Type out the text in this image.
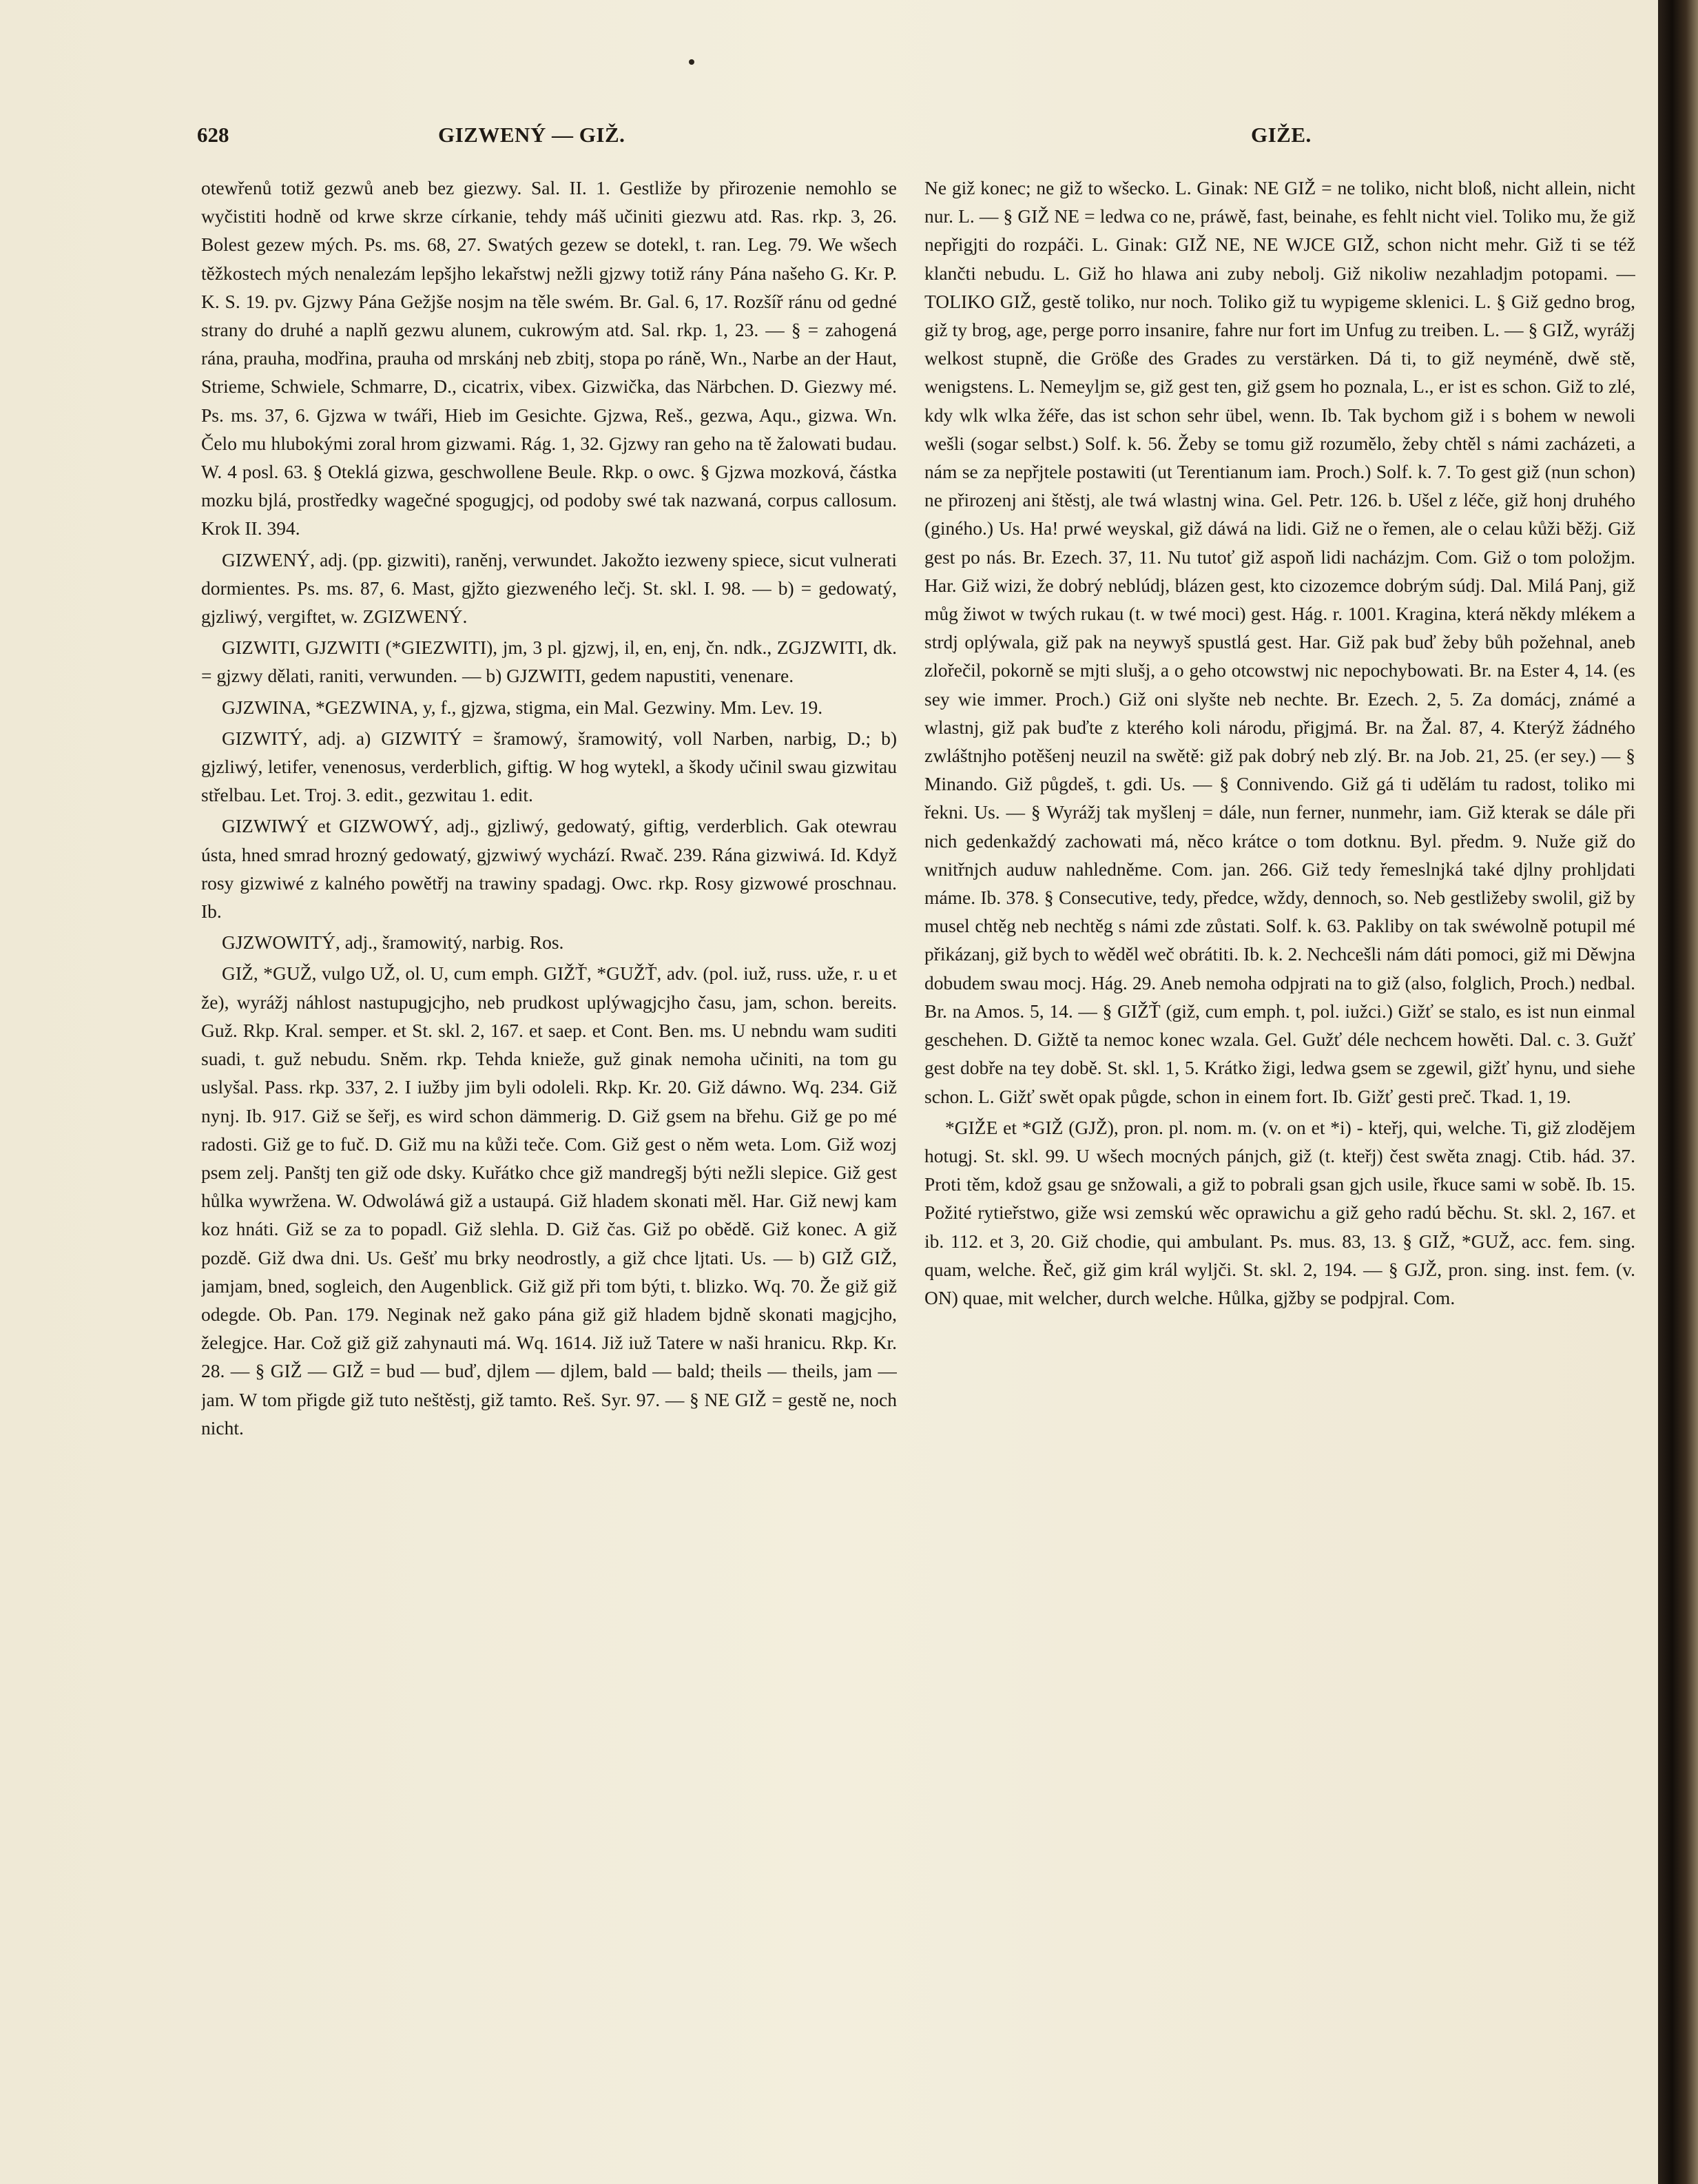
628	GIZWENÝ — GIŽ.	GIŽE.

otewřenů totiž gezwů aneb bez giezwy. Sal. II. 1. Gestliže by přirozenie nemohlo se wyčistiti hodně od krwe skrze církanie, tehdy máš učiniti giezwu atd. Ras. rkp. 3, 26. Bolest gezew mých. Ps. ms. 68, 27. Swatých gezew se dotekl, t. ran. Leg. 79. We wšech těžkostech mých nenalezám lepšjho lekařstwj nežli gjzwy totiž rány Pána našeho G. Kr. P. K. S. 19. pv. Gjzwy Pána Gežjše nosjm na těle swém. Br. Gal. 6, 17. Rozšíř ránu od gedné strany do druhé a naplň gezwu alunem, cukrowým atd. Sal. rkp. 1, 23. — § = zahogená rána, prauha, modřina, prauha od mrskánj neb zbitj, stopa po ráně, Wn., Narbe an der Haut, Strieme, Schwiele, Schmarre, D., cicatrix, vibex. Gizwička, das Närbchen. D. Giezwy mé. Ps. ms. 37, 6. Gjzwa w twáři, Hieb im Gesichte. Gjzwa, Reš., gezwa, Aqu., gizwa. Wn. Čelo mu hlubokými zoral hrom gizwami. Rág. 1, 32. Gjzwy ran geho na tě žalowati budau. W. 4 posl. 63. § Oteklá gizwa, geschwollene Beule. Rkp. o owc. § Gjzwa mozková, částka mozku bjlá, prostředky wagečné spogugjcj, od podoby swé tak nazwaná, corpus callosum. Krok II. 394.

GIZWENÝ, adj. (pp. gizwiti), raněnj, verwundet. Jakožto iezweny spiece, sicut vulnerati dormientes. Ps. ms. 87, 6. Mast, gjžto giezweného lečj. St. skl. I. 98. — b) = gedowatý, gjzliwý, vergiftet, w. ZGIZWENÝ.

GIZWITI, GJZWITI (*GIEZWITI), jm, 3 pl. gjzwj, il, en, enj, čn. ndk., ZGJZWITI, dk. = gjzwy dělati, raniti, verwunden. — b) GJZWITI, gedem napustiti, venenare.

GJZWINA, *GEZWINA, y, f., gjzwa, stigma, ein Mal. Gezwiny. Mm. Lev. 19.

GIZWITÝ, adj. a) GIZWITÝ = šramowý, šramowitý, voll Narben, narbig, D.; b) gjzliwý, letifer, venenosus, verderblich, giftig. W hog wytekl, a škody učinil swau gizwitau střelbau. Let. Troj. 3. edit., gezwitau 1. edit.

GIZWIWÝ et GIZWOWÝ, adj., gjzliwý, gedowatý, giftig, verderblich. Gak otewrau ústa, hned smrad hrozný gedowatý, gjzwiwý wychází. Rwač. 239. Rána gizwiwá. Id. Když rosy gizwiwé z kalného powětřj na trawiny spadagj. Owc. rkp. Rosy gizwowé proschnau. Ib.

GJZWOWITÝ, adj., šramowitý, narbig. Ros.

GIŽ, *GUŽ, vulgo UŽ, ol. U, cum emph. GIŽŤ, *GUŽŤ, adv. (pol. iuž, russ. uže, r. u et že), wyrážj náhlost nastupugjcjho, neb prudkost uplýwagjcjho času, jam, schon. bereits. Guž. Rkp. Kral. semper. et St. skl. 2, 167. et saep. et Cont. Ben. ms. U nebndu wam suditi suadi, t. guž nebudu. Sněm. rkp. Tehda knieže, guž ginak nemoha učiniti, na tom gu uslyšal. Pass. rkp. 337, 2. I iužby jim byli odoleli. Rkp. Kr. 20. Giž dáwno. Wq. 234. Giž nynj. Ib. 917. Giž se šeřj, es wird schon dämmerig. D. Giž gsem na břehu. Giž ge po mé radosti. Giž ge to fuč. D. Giž mu na kůži teče. Com. Giž gest o něm weta. Lom. Giž wozj psem zelj. Panštj ten giž ode dsky. Kuřátko chce giž mandregšj býti nežli slepice. Giž gest hůlka wywržena. W. Odwoláwá giž a ustaupá. Giž hladem skonati měl. Har. Giž newj kam koz hnáti. Giž se za to popadl. Giž slehla. D. Giž čas. Giž po obědě. Giž konec. A giž pozdě. Giž dwa dni. Us. Gešť mu brky neodrostly, a giž chce ljtati. Us. — b) GIŽ GIŽ, jamjam, bned, sogleich, den Augenblick. Giž giž při tom býti, t. blizko. Wq. 70. Že giž giž odegde. Ob. Pan. 179. Neginak než gako pána giž giž hladem bjdně skonati magjcjho, želegjce. Har. Což giž giž zahynauti má. Wq. 1614. Již iuž Tatere w naši hranicu. Rkp. Kr. 28. — § GIŽ — GIŽ = bud — buď, djlem — djlem, bald — bald; theils — theils, jam — jam. W tom přigde giž tuto neštěstj, giž tamto. Reš. Syr. 97. — § NE GIŽ = gestě ne, noch nicht.

Ne giž konec; ne giž to wšecko. L. Ginak: NE GIŽ = ne toliko, nicht bloß, nicht allein, nicht nur. L. — § GIŽ NE = ledwa co ne, práwě, fast, beinahe, es fehlt nicht viel. Toliko mu, že giž nepřigjti do rozpáči. L. Ginak: GIŽ NE, NE WJCE GIŽ, schon nicht mehr. Giž ti se též klančti nebudu. L. Giž ho hlawa ani zuby nebolj. Giž nikoliw nezahladjm potopami. — TOLIKO GIŽ, gestě toliko, nur noch. Toliko giž tu wypigeme sklenici. L. § Giž gedno brog, giž ty brog, age, perge porro insanire, fahre nur fort im Unfug zu treiben. L. — § GIŽ, wyrážj welkost stupně, die Größe des Grades zu verstärken. Dá ti, to giž neyméně, dwě stě, wenigstens. L. Nemeyljm se, giž gest ten, giž gsem ho poznala, L., er ist es schon. Giž to zlé, kdy wlk wlka žéře, das ist schon sehr übel, wenn. Ib. Tak bychom giž i s bohem w newoli wešli (sogar selbst.) Solf. k. 56. Žeby se tomu giž rozumělo, žeby chtěl s námi zacházeti, a nám se za nepřjtele postawiti (ut Terentianum iam. Proch.) Solf. k. 7. To gest giž (nun schon) ne přirozenj ani štěstj, ale twá wlastnj wina. Gel. Petr. 126. b. Ušel z léče, giž honj druhého (giného.) Us. Ha! prwé weyskal, giž dáwá na lidi. Giž ne o řemen, ale o celau kůži běžj. Giž gest po nás. Br. Ezech. 37, 11. Nu tutoť giž aspoň lidi nacházjm. Com. Giž o tom položjm. Har. Giž wizi, že dobrý neblúdj, blázen gest, kto cizozemce dobrým súdj. Dal. Milá Panj, giž můg žiwot w twých rukau (t. w twé moci) gest. Hág. r. 1001. Kragina, která někdy mlékem a strdj oplýwala, giž pak na neywyš spustlá gest. Har. Giž pak buď žeby bůh požehnal, aneb zlořečil, pokorně se mjti slušj, a o geho otcowstwj nic nepochybowati. Br. na Ester 4, 14. (es sey wie immer. Proch.) Giž oni slyšte neb nechte. Br. Ezech. 2, 5. Za domácj, známé a wlastnj, giž pak buďte z kterého koli národu, přigjmá. Br. na Žal. 87, 4. Kterýž žádného zwláštnjho potěšenj neuzil na swětě: giž pak dobrý neb zlý. Br. na Job. 21, 25. (er sey.) — § Minando. Giž půgdeš, t. gdi. Us. — § Connivendo. Giž gá ti udělám tu radost, toliko mi řekni. Us. — § Wyrážj tak myšlenj = dále, nun ferner, nunmehr, iam. Giž kterak se dále při nich gedenkaždý zachowati má, něco krátce o tom dotknu. Byl. předm. 9. Nuže giž do wnitřnjch auduw nahledněme. Com. jan. 266. Giž tedy řemeslnjká také djlny prohljdati máme. Ib. 378. § Consecutive, tedy, předce, wždy, dennoch, so. Neb gestližeby swolil, giž by musel chtěg neb nechtěg s námi zde zůstati. Solf. k. 63. Pakliby on tak swéwolně potupil mé přikázanj, giž bych to wěděl weč obrátiti. Ib. k. 2. Nechcešli nám dáti pomoci, giž mi Děwjna dobudem swau mocj. Hág. 29. Aneb nemoha odpjrati na to giž (also, folglich, Proch.) nedbal. Br. na Amos. 5, 14. — § GIŽŤ (giž, cum emph. t, pol. iužci.) Gižť se stalo, es ist nun einmal geschehen. D. Gižtě ta nemoc konec wzala. Gel. Gužť déle nechcem howěti. Dal. c. 3. Gužť gest dobře na tey době. St. skl. 1, 5. Krátko žigi, ledwa gsem se zgewil, gižť hynu, und siehe schon. L. Gižť swět opak půgde, schon in einem fort. Ib. Gižť gesti preč. Tkad. 1, 19.

*GIŽE et *GIŽ (GJŽ), pron. pl. nom. m. (v. on et *i) - kteřj, qui, welche. Ti, giž zlodějem hotugj. St. skl. 99. U wšech mocných pánjch, giž (t. kteřj) čest swěta znagj. Ctib. hád. 37. Proti těm, kdož gsau ge snžowali, a giž to pobrali gsan gjch usile, řkuce sami w sobě. Ib. 15. Požité rytieřstwo, giže wsi zemskú wěc oprawichu a giž geho radú běchu. St. skl. 2, 167. et ib. 112. et 3, 20. Giž chodie, qui ambulant. Ps. mus. 83, 13. § GIŽ, *GUŽ, acc. fem. sing. quam, welche. Řeč, giž gim král wyljči. St. skl. 2, 194. — § GJŽ, pron. sing. inst. fem. (v. ON) quae, mit welcher, durch welche. Hůlka, gjžby se podpjral. Com.
